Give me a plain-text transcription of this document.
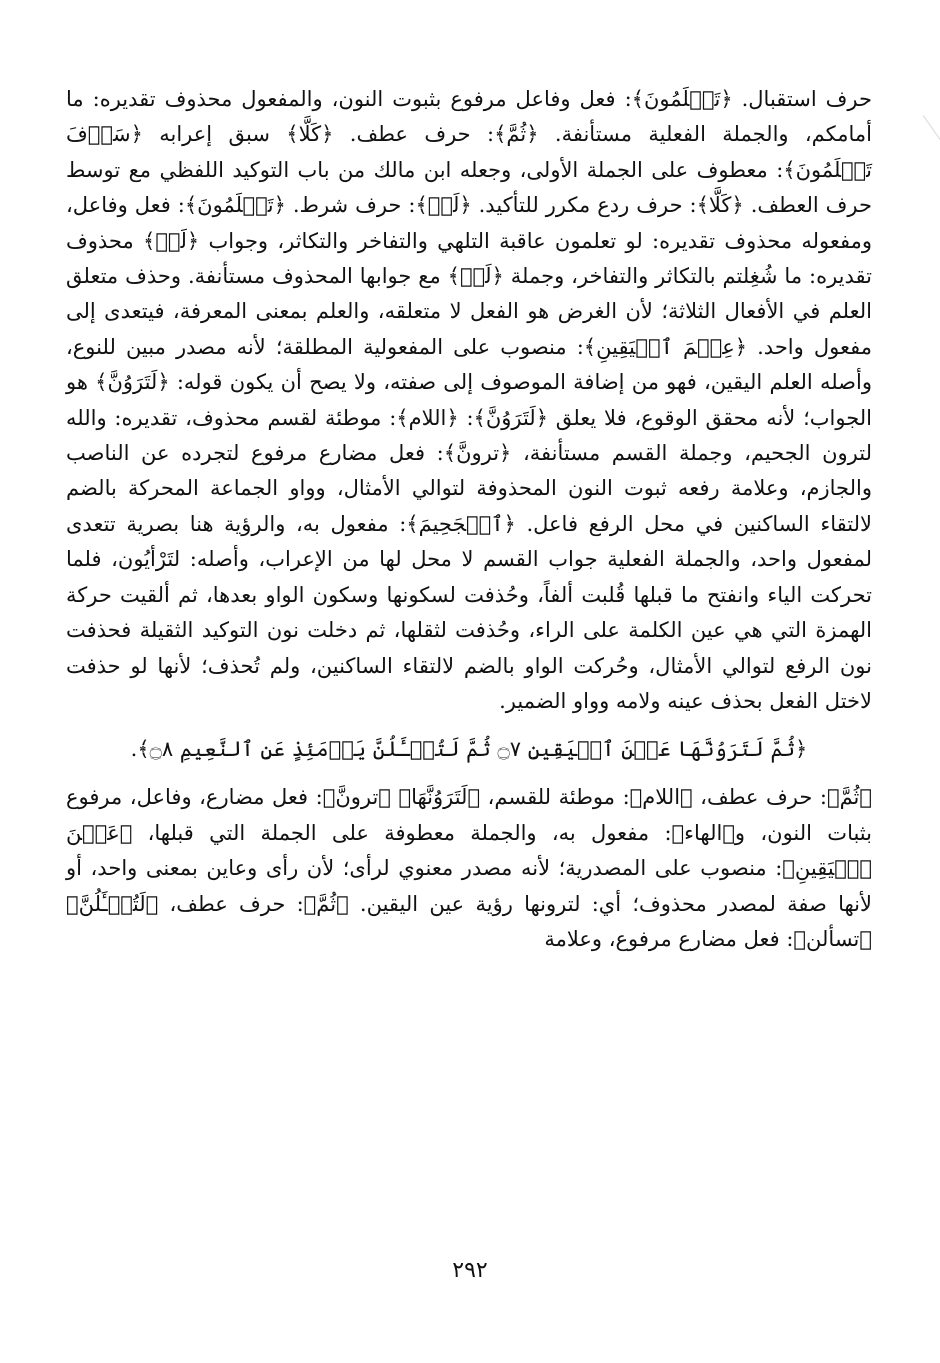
حرف استقبال. ﴿تَعۡلَمُونَ﴾: فعل وفاعل مرفوع بثبوت النون، والمفعول محذوف تقديره: ما أمامكم، والجملة الفعلية مستأنفة. ﴿ثُمَّ﴾: حرف عطف. ﴿كَلَّا﴾ سبق إعرابه ﴿سَوۡفَ تَعۡلَمُونَ﴾: معطوف على الجملة الأولى، وجعله ابن مالك من باب التوكيد اللفظي مع توسط حرف العطف. ﴿كَلَّا﴾: حرف ردع مكرر للتأكيد. ﴿لَوۡ﴾: حرف شرط. ﴿تَعۡلَمُونَ﴾: فعل وفاعل، ومفعوله محذوف تقديره: لو تعلمون عاقبة التلهي والتفاخر والتكاثر، وجواب ﴿لَوۡ﴾ محذوف تقديره: ما شُغِلتم بالتكاثر والتفاخر، وجملة ﴿لَوۡ﴾ مع جوابها المحذوف مستأنفة. وحذف متعلق العلم في الأفعال الثلاثة؛ لأن الغرض هو الفعل لا متعلقه، والعلم بمعنى المعرفة، فيتعدى إلى مفعول واحد. ﴿عِلۡمَ ٱلۡيَقِينِ﴾: منصوب على المفعولية المطلقة؛ لأنه مصدر مبين للنوع، وأصله العلم اليقين، فهو من إضافة الموصوف إلى صفته، ولا يصح أن يكون قوله: ﴿لَتَرَوُنَّ﴾ هو الجواب؛ لأنه محقق الوقوع، فلا يعلق ﴿لَتَرَوُنَّ﴾: ﴿اللام﴾: موطئة لقسم محذوف، تقديره: والله لترون الجحيم، وجملة القسم مستأنفة، ﴿ترونَّ﴾: فعل مضارع مرفوع لتجرده عن الناصب والجازم، وعلامة رفعه ثبوت النون المحذوفة لتوالي الأمثال، وواو الجماعة المحركة بالضم لالتقاء الساكنين في محل الرفع فاعل. ﴿ٱلۡجَحِيمَ﴾: مفعول به، والرؤية هنا بصرية تتعدى لمفعول واحد، والجملة الفعلية جواب القسم لا محل لها من الإعراب، وأصله: لتَرْأيُون، فلما تحركت الياء وانفتح ما قبلها قُلبت ألفاً، وحُذفت لسكونها وسكون الواو بعدها، ثم ألقيت حركة الهمزة التي هي عين الكلمة على الراء، وحُذفت لثقلها، ثم دخلت نون التوكيد الثقيلة فحذفت نون الرفع لتوالي الأمثال، وحُركت الواو بالضم لالتقاء الساكنين، ولم تُحذف؛ لأنها لو حذفت لاختل الفعل بحذف عينه ولامه وواو الضمير.

﴿ثُمَّ لَتَرَوُنَّهَا عَيۡنَ ٱلۡيَقِينِ ۝٧ ثُمَّ لَتُسۡـَٔلُنَّ يَوۡمَئِذٍ عَنِ ٱلنَّعِيمِ ۝٨﴾.

﴿ثُمَّ﴾: حرف عطف، ﴿اللام﴾: موطئة للقسم، ﴿لَتَرَوُنَّهَا﴾ ﴿ترونَّ﴾: فعل مضارع، وفاعل، مرفوع بثبات النون، و﴿الهاء﴾: مفعول به، والجملة معطوفة على الجملة التي قبلها، ﴿عَيۡنَ ٱلۡيَقِينِ﴾: منصوب على المصدرية؛ لأنه مصدر معنوي لرأى؛ لأن رأى وعاين بمعنى واحد، أو لأنها صفة لمصدر محذوف؛ أي: لترونها رؤية عين اليقين. ﴿ثُمَّ﴾: حرف عطف، ﴿لَتُسۡـَٔلُنَّ﴾ ﴿تسألن﴾: فعل مضارع مرفوع، وعلامة

٢٩٢
